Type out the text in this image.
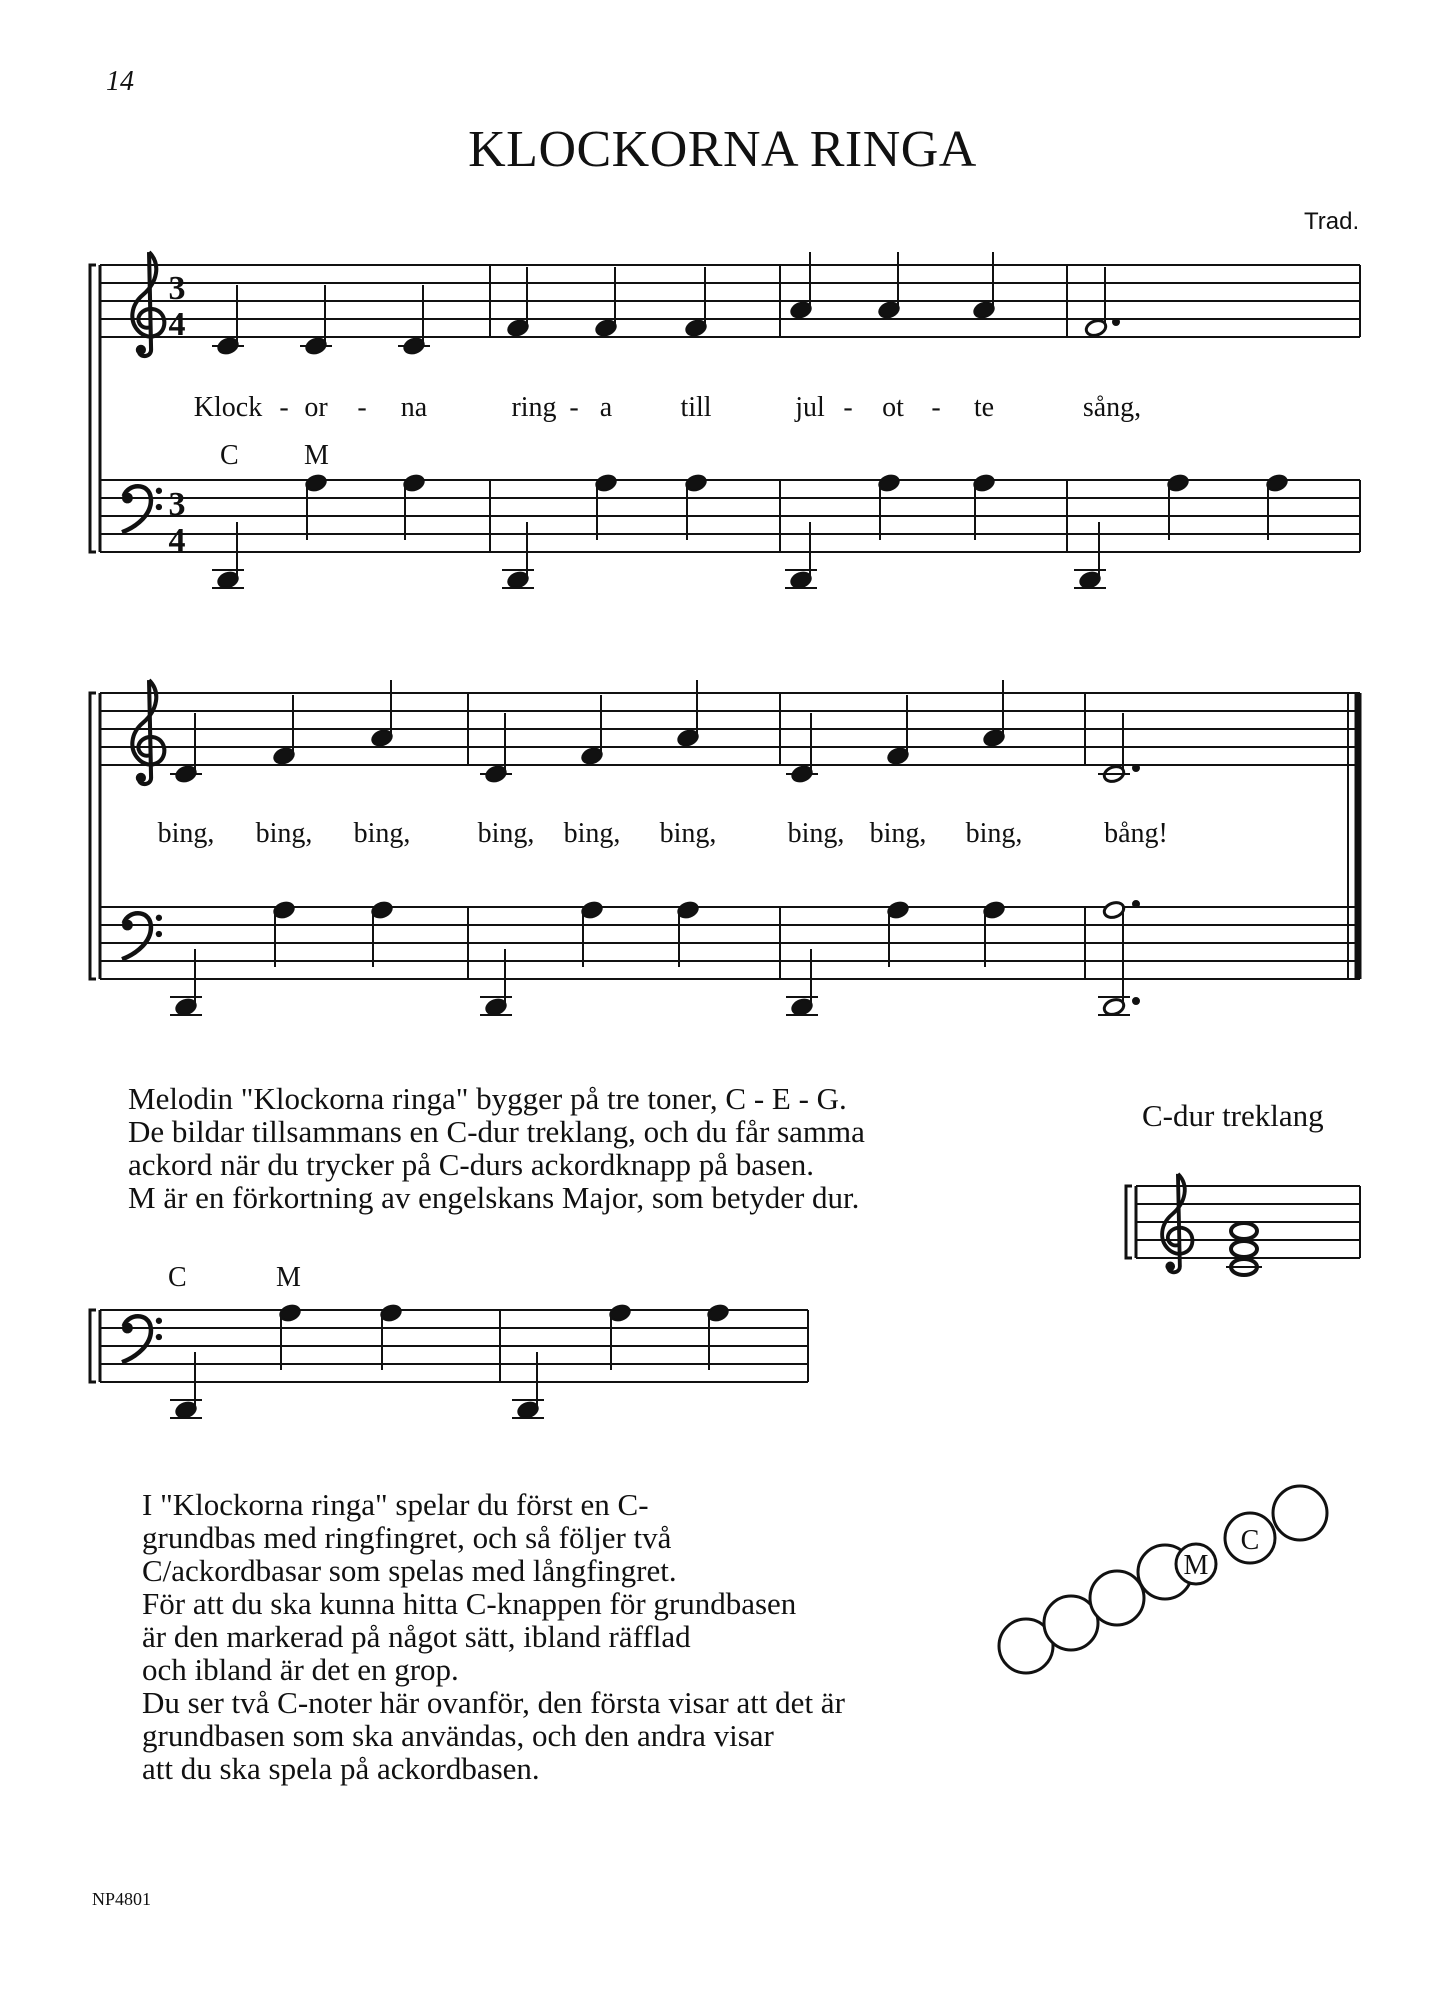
14
KLOCKORNA RINGA
Trad.
3
4
3
4
M
C
C M
Klock - or - na	ring - a till	jul - ot - te	sång,
bing, bing, bing, bing, bing, bing,	bing, bing, bing,	bång!

Melodin "Klockorna ringa" bygger på tre toner, C - E - G.

De bildar tillsammans en C-dur treklang, och du får samma

ackord när du trycker på C-durs ackordknapp på basen.

M är en förkortning av engelskans Major, som betyder dur.

C-dur treklang
C	M

I "Klockorna ringa" spelar du först en C-

grundbas med ringfingret, och så följer två

C/ackordbasar som spelas med långfingret.

För att du ska kunna hitta C-knappen för grundbasen

är den markerad på något sätt, ibland räfflad

och ibland är det en grop.

Du ser två C-noter här ovanför, den första visar att det är

grundbasen som ska användas, och den andra visar

att du ska spela på ackordbasen.

NP4801
